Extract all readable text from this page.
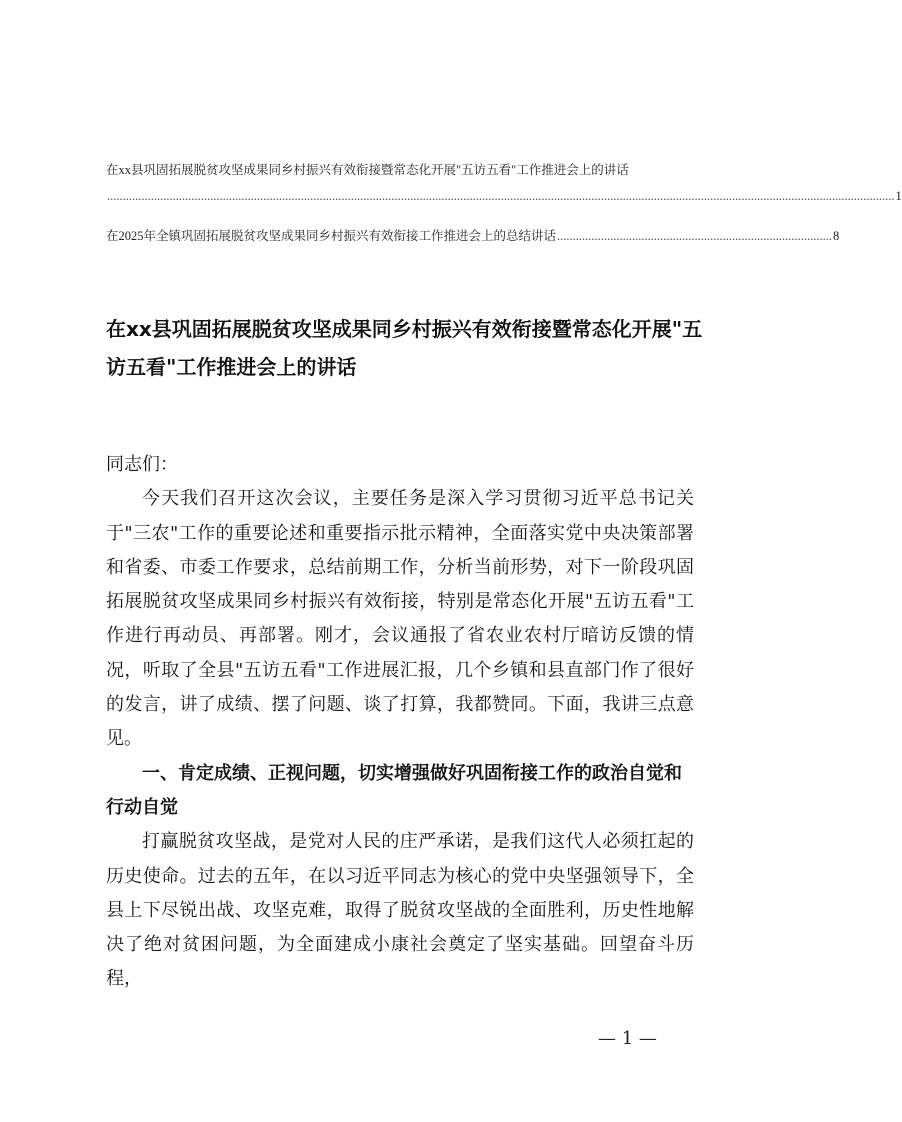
在xx县巩固拓展脱贫攻坚成果同乡村振兴有效衔接暨常态化开展"五访五看"工作推进会上的讲话
............................................................................................................................................................................................................................................................ 1
在2025年全镇巩固拓展脱贫攻坚成果同乡村振兴有效衔接工作推进会上的总结讲话 ........................................................................................ 8
在xx县巩固拓展脱贫攻坚成果同乡村振兴有效衔接暨常态化开展"五访五看"工作推进会上的讲话

同志们：

今天我们召开这次会议，主要任务是深入学习贯彻习近平总书记关于"三农"工作的重要论述和重要指示批示精神，全面落实党中央决策部署和省委、市委工作要求，总结前期工作，分析当前形势，对下一阶段巩固拓展脱贫攻坚成果同乡村振兴有效衔接，特别是常态化开展"五访五看"工作进行再动员、再部署。刚才，会议通报了省农业农村厅暗访反馈的情况，听取了全县"五访五看"工作进展汇报，几个乡镇和县直部门作了很好的发言，讲了成绩、摆了问题、谈了打算，我都赞同。下面，我讲三点意见。

一、肯定成绩、正视问题，切实增强做好巩固衔接工作的政治自觉和行动自觉

打赢脱贫攻坚战，是党对人民的庄严承诺，是我们这代人必须扛起的历史使命。过去的五年，在以习近平同志为核心的党中央坚强领导下，全县上下尽锐出战、攻坚克难，取得了脱贫攻坚战的全面胜利，历史性地解决了绝对贫困问题，为全面建成小康社会奠定了坚实基础。回望奋斗历程，

— 1 —
